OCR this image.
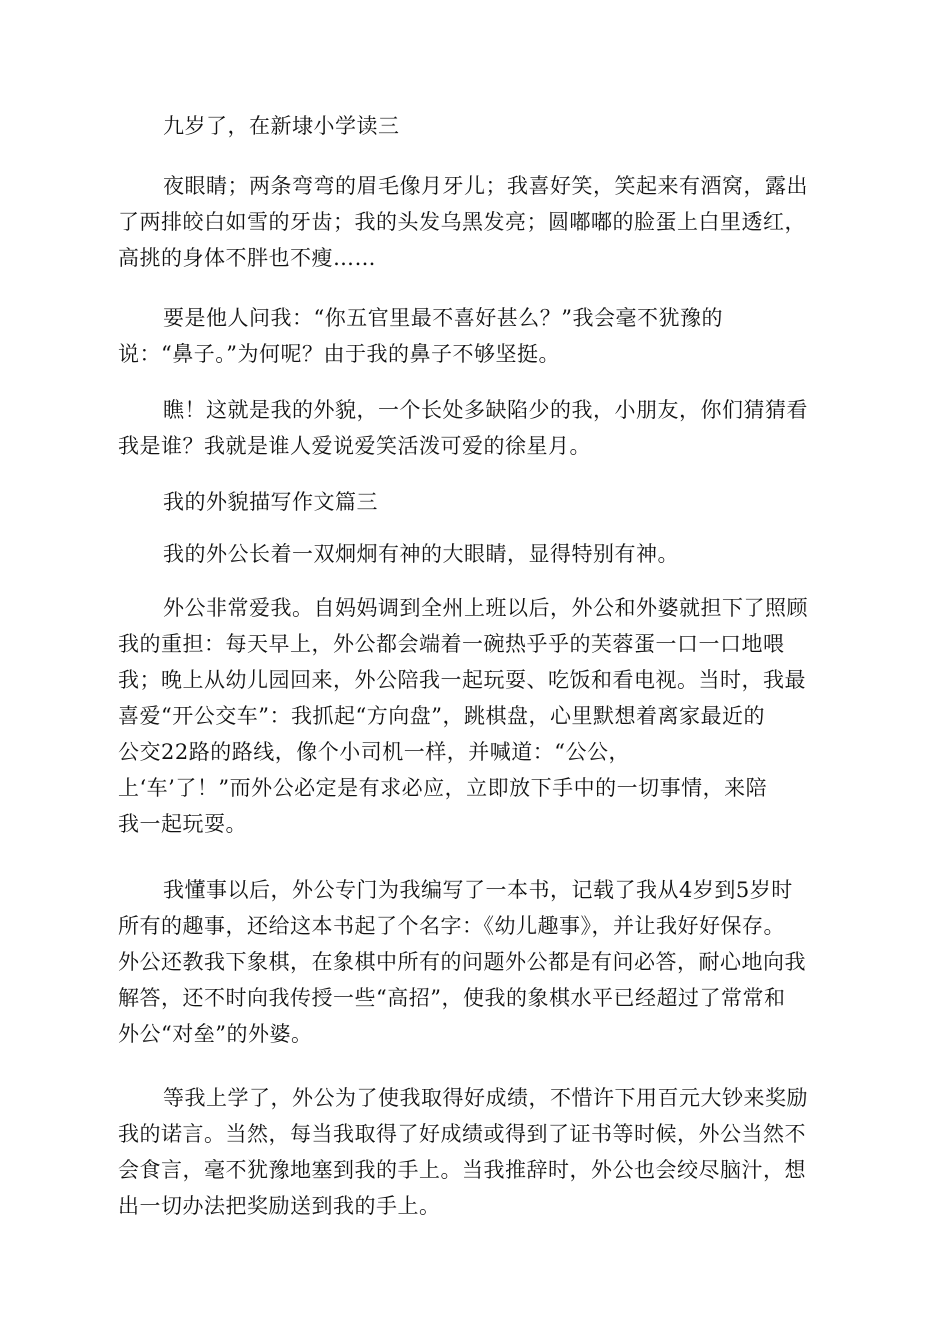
九岁了，在新埭小学读三
夜眼睛；两条弯弯的眉毛像月牙儿；我喜好笑，笑起来有酒窝，露出
了两排皎白如雪的牙齿；我的头发乌黑发亮；圆嘟嘟的脸蛋上白里透红，
高挑的身体不胖也不瘦……
要是他人问我：“你五官里最不喜好甚么？”我会毫不犹豫的
说：“鼻子。”为何呢？由于我的鼻子不够坚挺。
瞧！这就是我的外貌，一个长处多缺陷少的我，小朋友，你们猜猜看
我是谁？我就是谁人爱说爱笑活泼可爱的徐星月。
我的外貌描写作文篇三
我的外公长着一双炯炯有神的大眼睛，显得特别有神。
外公非常爱我。自妈妈调到全州上班以后，外公和外婆就担下了照顾
我的重担：每天早上，外公都会端着一碗热乎乎的芙蓉蛋一口一口地喂
我；晚上从幼儿园回来，外公陪我一起玩耍、吃饭和看电视。当时，我最
喜爱“开公交车”：我抓起“方向盘”，跳棋盘，心里默想着离家最近的
公交22路的路线，像个小司机一样，并喊道：“公公，
上‘车’了！”而外公必定是有求必应，立即放下手中的一切事情，来陪
我一起玩耍。
我懂事以后，外公专门为我编写了一本书，记载了我从4岁到5岁时
所有的趣事，还给这本书起了个名字：《幼儿趣事》，并让我好好保存。
外公还教我下象棋，在象棋中所有的问题外公都是有问必答，耐心地向我
解答，还不时向我传授一些“高招”，使我的象棋水平已经超过了常常和
外公“对垒”的外婆。
等我上学了，外公为了使我取得好成绩，不惜许下用百元大钞来奖励
我的诺言。当然，每当我取得了好成绩或得到了证书等时候，外公当然不
会食言，毫不犹豫地塞到我的手上。当我推辞时，外公也会绞尽脑汁，想
出一切办法把奖励送到我的手上。
